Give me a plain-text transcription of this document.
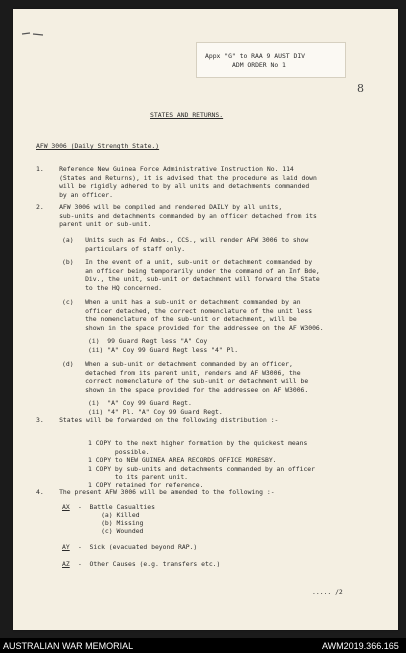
Appx "G" to RAA 9 AUST DIV
ADM ORDER No 1
8
STATES AND RETURNS.
AFW 3006 (Daily Strength State.)

1.    Reference New Guinea Force Administrative Instruction No. 114
(States and Returns), it is advised that the procedure as laid down
will be rigidly adhered to by all units and detachments commanded
by an officer.

2.    AFW 3006 will be compiled and rendered DAILY by all units,
sub-units and detachments commanded by an officer detached from its
parent unit or sub-unit.

(a)   Units such as Fd Ambs., CCS., will render AFW 3006 to show
particulars of staff only.

(b)   In the event of a unit, sub-unit or detachment commanded by
an officer being temporarily under the command of an Inf Bde,
Div., the unit, sub-unit or detachment will forward the State
to the HQ concerned.

(c)   When a unit has a sub-unit or detachment commanded by an
officer detached, the correct nomenclature of the unit less
the nomenclature of the sub-unit or detachment, will be
shown in the space provided for the addressee on the AF W3006.

(i)  99 Guard Regt less "A" Coy
(ii) "A" Coy 99 Guard Regt less "4" Pl.

(d)   When a sub-unit or detachment commanded by an officer,
detached from its parent unit, renders and AF W3006, the
correct nomenclature of the sub-unit or detachment will be
shown in the space provided for the addressee on AF W3006.

(i)  "A" Coy 99 Guard Regt.
(ii) "4" Pl. "A" Coy 99 Guard Regt.
3.    States will be forwarded on the following distribution :-

1 COPY to the next higher formation by the quickest means
possible.
1 COPY to NEW GUINEA AREA RECORDS OFFICE MORESBY.
1 COPY by sub-units and detachments commanded by an officer
to its parent unit.
1 COPY retained for reference.
4.    The present AFW 3006 will be amended to the following :-
AX -  Battle Casualties
(a) Killed
(b) Missing
(c) Wounded
AY -  Sick (evacuated beyond RAP.)
AZ -  Other Causes (e.g. transfers etc.)
..... /2
AUSTRALIAN WAR MEMORIAL	AWM2019.366.165
